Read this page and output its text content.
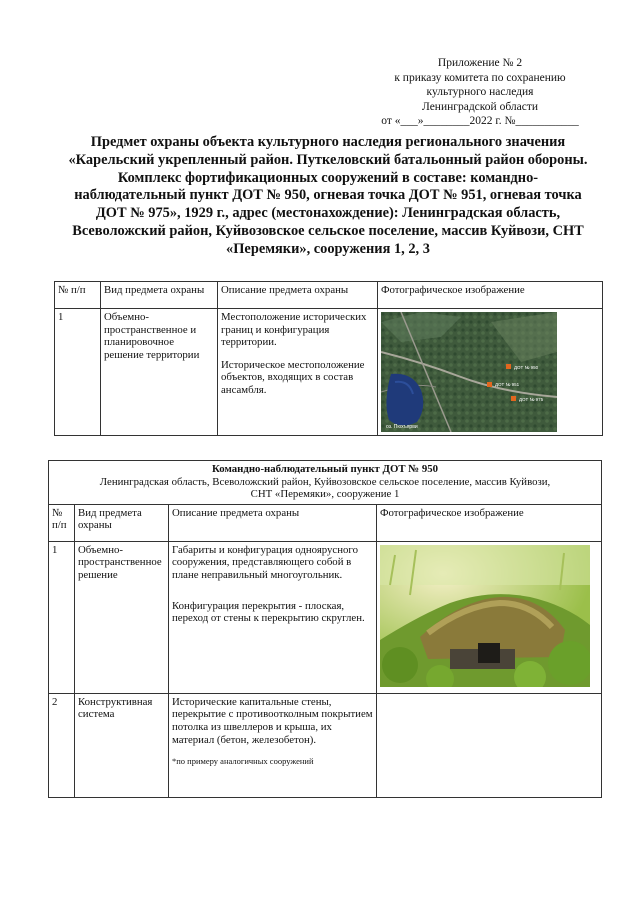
Приложение № 2
к приказу комитета по сохранению
культурного наследия
Ленинградской области
от «___»________2022 г. №___________
Предмет охраны объекта культурного наследия регионального значения
«Карельский укрепленный район. Путкеловский батальонный район обороны.
Комплекс фортификационных сооружений в составе: командно-
наблюдательный пункт ДОТ № 950, огневая точка ДОТ № 951, огневая точка
ДОТ № 975», 1929 г., адрес (местонахождение): Ленинградская область,
Всеволожский район, Куйвозовское сельское поселение, массив Куйвози, СНТ
«Перемяки», сооружения 1, 2, 3
№ п/п	Вид предмета охраны	Описание предмета охраны	Фотографическое изображение
1	Объемно-пространственное и планировочное решение территории	Местоположение исторических границ и конфигурация территории.
Историческое местоположение объектов, входящих в состав ансамбля.	ДОТ № 950
ДОТ № 951
ДОТ № 975
оз. Пюхъярви
Командно-наблюдательный пункт ДОТ № 950
Ленинградская область, Всеволожский район, Куйвозовское сельское поселение, массив Куйвози,
СНТ «Перемяки», сооружение 1			

№ п/п	Вид предмета охраны	Описание предмета охраны	Фотографическое изображение
1	Объемно-пространственное решение	Габариты и конфигурация одноярусного сооружения, представляющего собой в плане неправильный многоугольник.
Конфигурация перекрытия - плоская, переход от стены к перекрытию скруглен.

2	Конструктивная система	Исторические капитальные стены, перекрытие с противоотколным покрытием потолка из швеллеров и крыша, их материал (бетон, железобетон).
*по примеру аналогичных сооружений	
